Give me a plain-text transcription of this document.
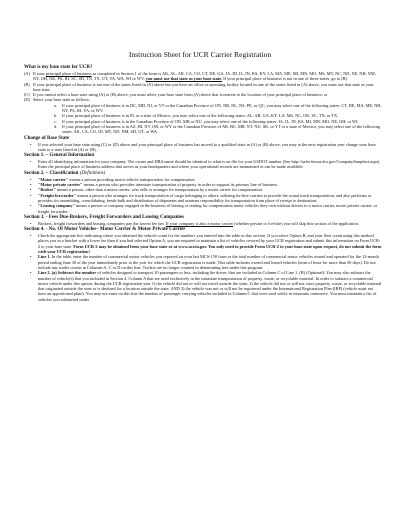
Instruction Sheet for UCR Carrier Registration
What is my base state for UCR?
(A) If your principal place of business as completed in Section 1 of the form is AK, AL, AR, CA, CO, CT, DE, GA, IA, ID, IL, IN, KS, KY, LA, MA, ME, MI, MN, MO, MS, MT, NC, ND, NE, NH, NM, NY, OH, OK, PA, RI, SC, SD, TN, TX, UT, VA, WA, WI or WV, you must use that state as your base state. If your principal place of business is not in one of these states, go to (B).
(B) If your principal place of business is not one of the states listed in (A) above but you have an office or operating facility located in one of the states listed in (A) above, you must use that state as your base state.
(C) If you cannot select a base state using (A) or (B) above, you must select your base state from (A) above that is nearest to the location of your principal place of business; or
(D) Select your base state as follows:
a.	If your principal place of business is in DC, MD, NJ, or VT or the Canadian Province of ON, NB, NL, NS, PE, or QC, you may select one of the following states: CT, DE, MA, ME, NH, NY, PA, RI, VA, or WV.
b.	If your principal place of business is in FL or a state of Mexico, you may select one of the following states: AL, AR, GA, KY, LA, MS, NC, OK, SC, TN, or TX.
c.	If your principal place of business is in the Canadian Province of ON, MB or NU, you may select one of the following states: IA, IL, IN, KS, MI, MN, MO, NE, OH, or WI.
d.	If your principal place of business is in AZ, HI, NV, OR, or WY or the Canadian Province of AB, BC, MB, NT, NU, SK, or YT or a state of Mexico, you may select one of the following states: AK, CA, CO, ID, MT, ND, NM, SD, UT, or WA.
Change of Base State
•	If you selected your base state using (C) or (D) above and your principal place of business has moved to a qualified state in (A) or (B) above, you may at the next registration year change your base state to a state listed in (A) or (B).
Section 1. – General Information
•	Enter all identifying information for your company. The owner and DBA name should be identical to what is on file for your USDOT number (See http://safer.fmcsa.dot.gov/CompanySnapshot.aspx). Enter the principal place of business address that serves as your headquarters and where your operational records are maintained or can be made available.
Section 2. – Classification (Definitions)
•	"Motor carrier" means a person providing motor vehicle transportation for compensation.
•	"Motor private carrier" means a person who provides interstate transportation of property in order to support its primary line of business.
•	"Broker" means a person, other than a motor carrier, who sells or arranges for transportation by a motor carrier for compensation.
•	"Freight forwarder" means a person who arranges for truck transportation of cargo belonging to others, utilizing for-hire carriers to provide the actual truck transportation, and also performs or provides for assembling, consolidating, break-bulk and distribution of shipments and assumes responsibility for transportation from place of receipt to destination.
•	"Leasing company" means a person or company engaged in the business of leasing or renting for compensation motor vehicles they own without drivers to a motor carrier, motor private carrier, or freight forwarder.
Section 3. - Fees Due-Brokers, Freight Forwarders and Leasing Companies
•	Brokers, freight forwarders and leasing companies pay the lowest fee tier. If your company is also a motor carrier (whether private or for-hire) you will skip this section of the application.
Section 4. - No. Of Motor Vehicles– Motor Carrier & Motor Private Carrier
•	Check the appropriate box indicating where you obtained the vehicle count for the numbers you entered into the table in this section. If you select Option B, and your fleet count using this method places you in a bracket with a lower fee than if you had selected Option A, you are required to maintain a list of vehicles covered by your UCR registration and submit this information on Form UCR-2 to your base state. Form UCR-2 may be obtained from your base state or at www.ucr.in.gov. You only need to provide Form UCR-2 to your base state upon request, do not submit the form with your UCR registration!
•	Line 1. In the table, enter the number of commercial motor vehicles you reported on your last MCS-150 form or the total number of commercial motor vehicles owned and operated for the 12-month period ending June 30 of the year immediately prior to the year for which the UCR registration is made. This table includes owned and leased vehicles (term of lease for more than 30 days). Do not include any trailer counts in Columns A, C or D on this line. Trailers are no longer counted in determining fees under this program.
•	Line 2. (a) Subtract the number of vehicles designed to transport 10 passengers or less, including the driver, that are included in Column C of Line 1. (B) (Optional): You may also subtract the number of vehicle(s) that you included in Section 4. Column A that are used exclusively in the intrastate transportation of property, waste, or recyclable material. In order to subtract a commercial motor vehicle under this option, during the UCR registration year 1) the vehicle did not or will not travel outside the state; 2) the vehicle did not or will not carry property, waste, or recyclable material that originated outside the state or is destined for a location outside the state; AND 3) the vehicle was not or will not be registered under the International Registration Plan (IRP) (vehicle must not have an apportioned plate). You may not enter on this line the number of passenger carrying vehicles included in Column C that were used solely in intrastate commerce. You must maintain a list of vehicles you subtracted under
